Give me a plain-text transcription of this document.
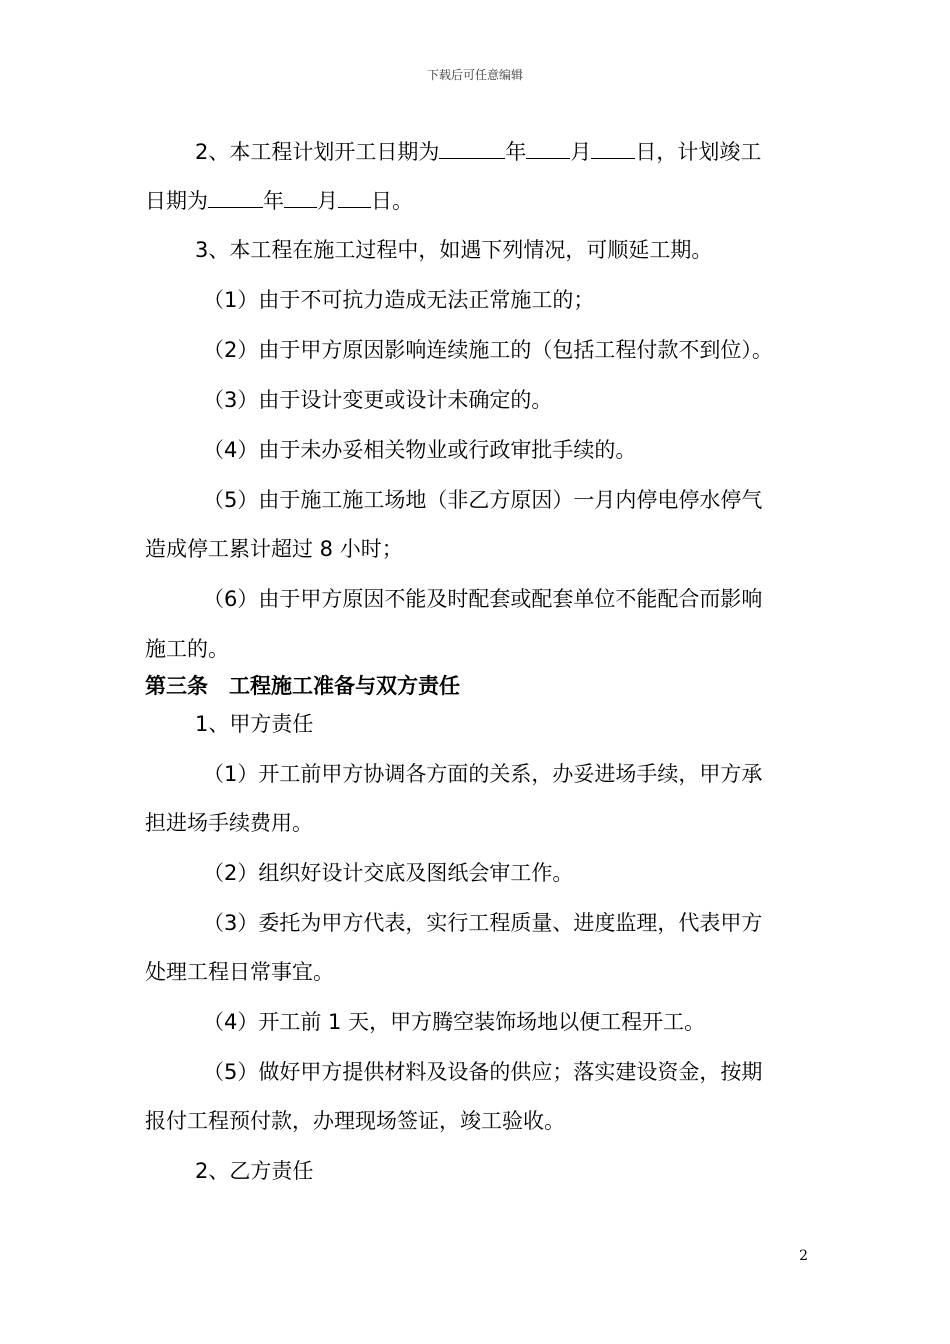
下载后可任意编辑
2、本工程计划开工日期为	年 月 日，计划竣工
日期为	年 月 日。
3、本工程在施工过程中，如遇下列情况，可顺延工期。
（1）由于不可抗力造成无法正常施工的；
（2）由于甲方原因影响连续施工的（包括工程付款不到位）。
（3）由于设计变更或设计未确定的。
（4）由于未办妥相关物业或行政审批手续的。
（5）由于施工施工场地（非乙方原因）一月内停电停水停气
造成停工累计超过 8 小时；
（6）由于甲方原因不能及时配套或配套单位不能配合而影响
施工的。
第三条　工程施工准备与双方责任
1、甲方责任
（1）开工前甲方协调各方面的关系，办妥进场手续，甲方承
担进场手续费用。
（2）组织好设计交底及图纸会审工作。
（3）委托为甲方代表，实行工程质量、进度监理，代表甲方
处理工程日常事宜。
（4）开工前 1 天，甲方腾空装饰场地以便工程开工。
（5）做好甲方提供材料及设备的供应；落实建设资金，按期
报付工程预付款，办理现场签证，竣工验收。
2、乙方责任
2
